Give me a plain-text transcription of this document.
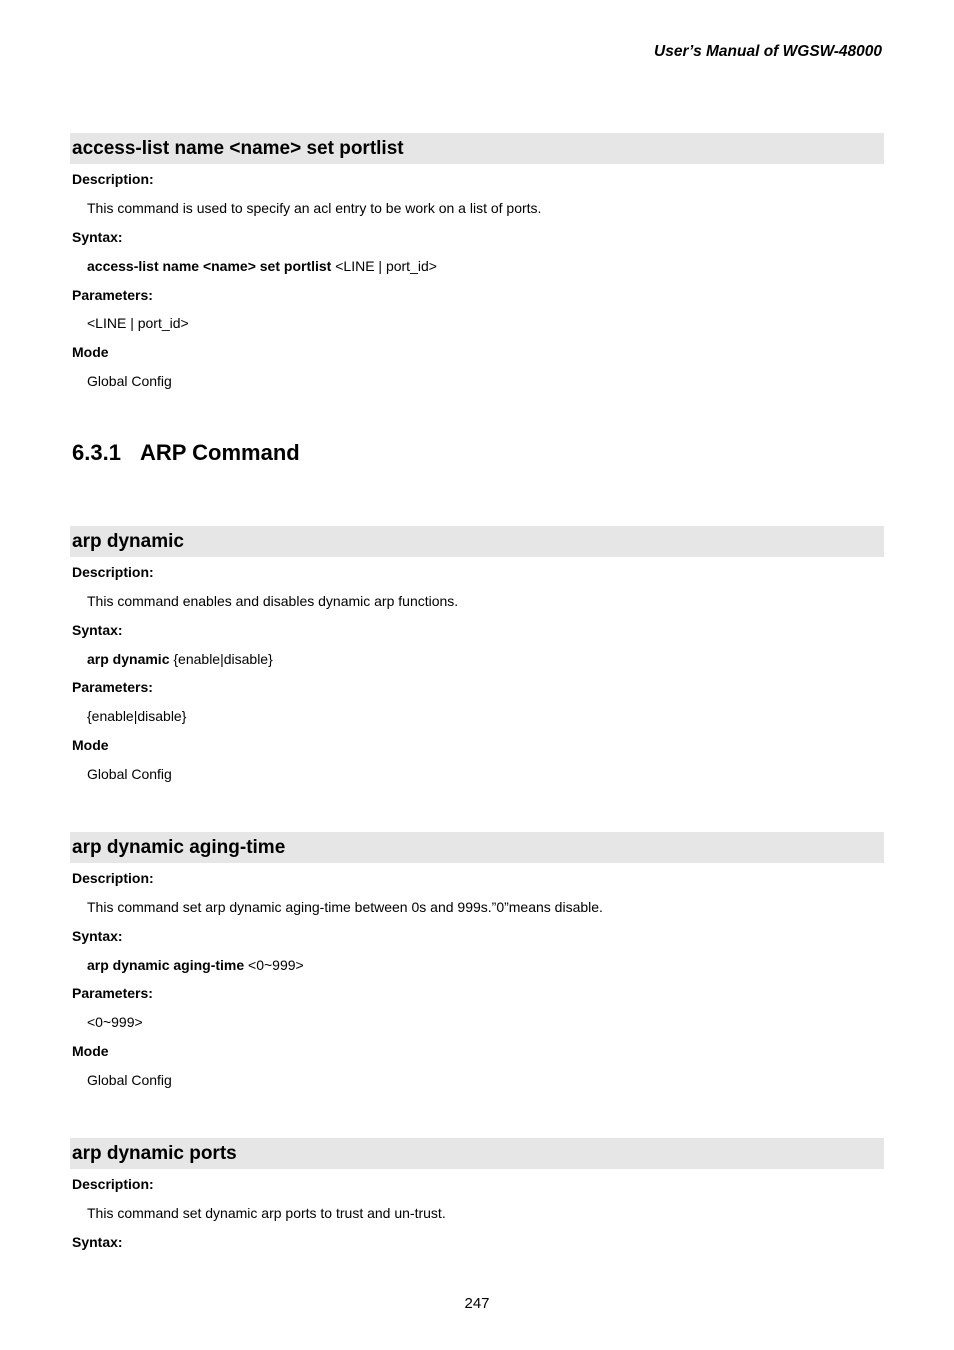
User’s Manual of WGSW-48000
access-list name <name> set portlist
Description:
This command is used to specify an acl entry to be work on a list of ports.
Syntax:
access-list name <name> set portlist <LINE | port_id>
Parameters:
<LINE | port_id>
Mode
Global Config
6.3.1 ARP Command
arp dynamic
Description:
This command enables and disables dynamic arp functions.
Syntax:
arp dynamic {enable|disable}
Parameters:
{enable|disable}
Mode
Global Config
arp dynamic aging-time
Description:
This command set arp dynamic aging-time between 0s and 999s.”0”means disable.
Syntax:
arp dynamic aging-time <0~999>
Parameters:
<0~999>
Mode
Global Config
arp dynamic ports
Description:
This command set dynamic arp ports to trust and un-trust.
Syntax:
247
